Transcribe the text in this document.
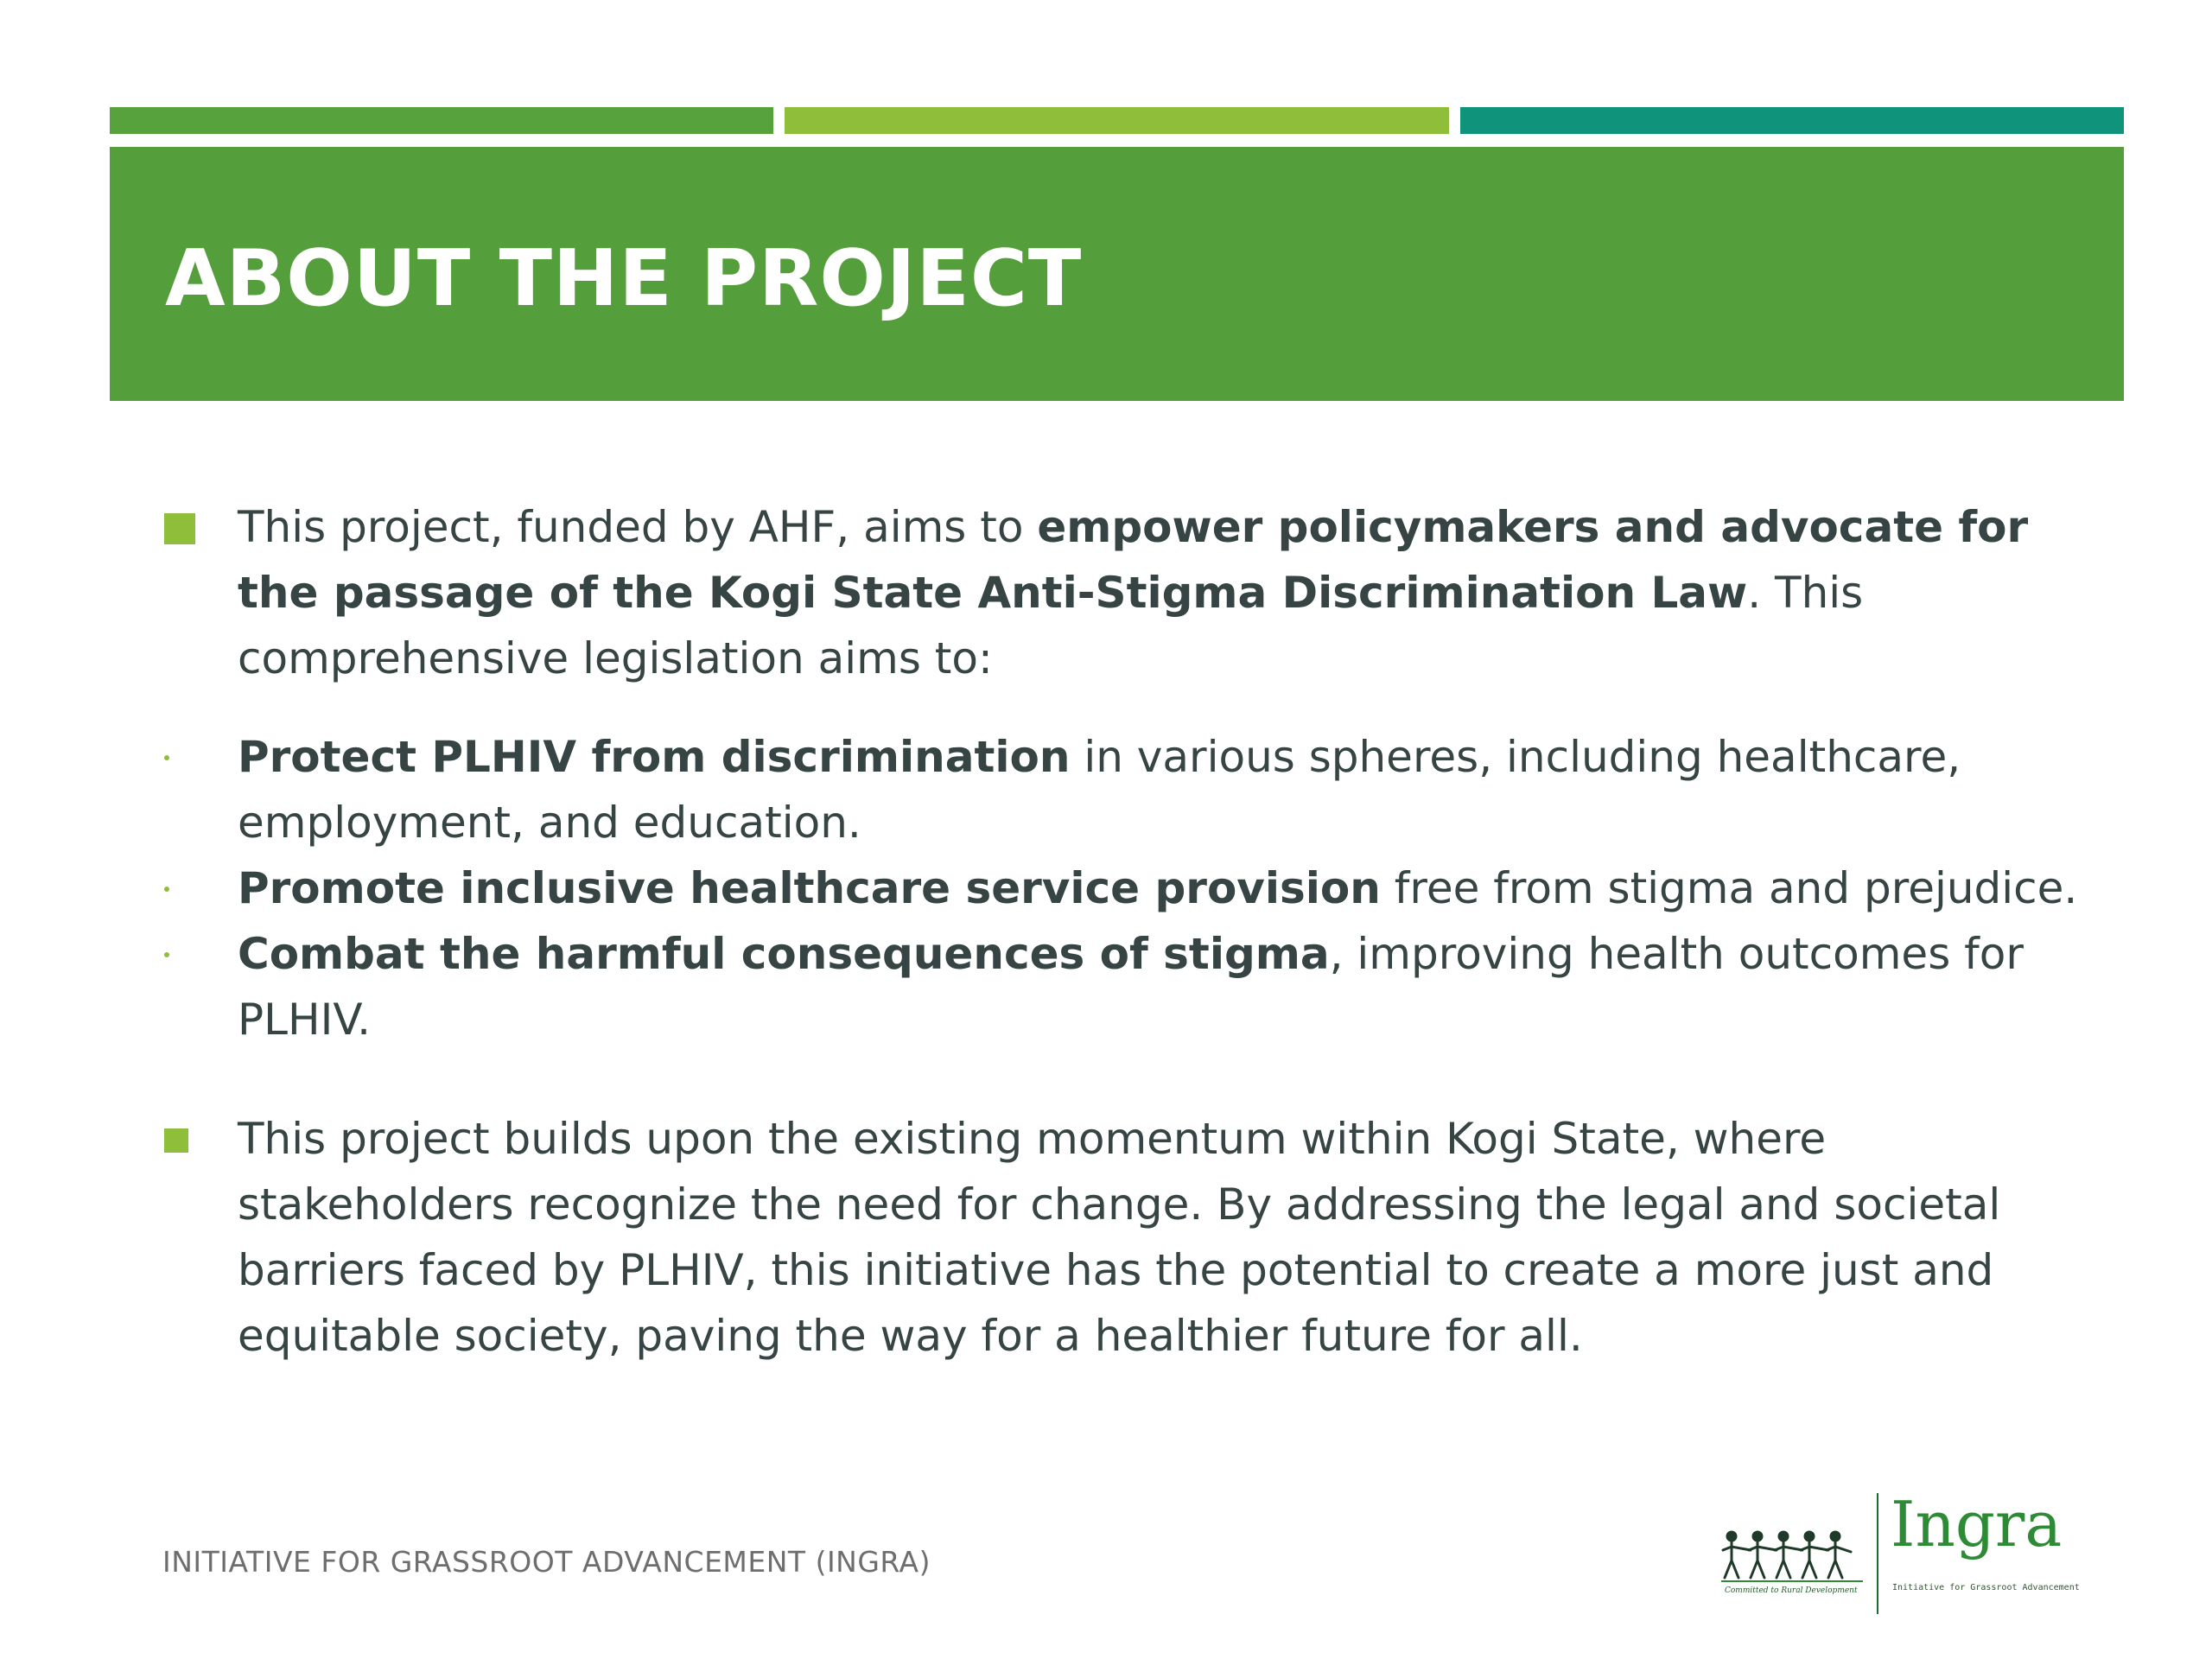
ABOUT THE PROJECT

This project, funded by AHF, aims to empower policymakers and advocate for the passage of the Kogi State Anti-Stigma Discrimination Law. This comprehensive legislation aims to:

Protect PLHIV from discrimination in various spheres, including healthcare, employment, and education.
Promote inclusive healthcare service provision free from stigma and prejudice.
Combat the harmful consequences of stigma, improving health outcomes for PLHIV.

This project builds upon the existing momentum within Kogi State, where stakeholders recognize the need for change. By addressing the legal and societal barriers faced by PLHIV, this initiative has the potential to create a more just and equitable society, paving the way for a healthier future for all.

INITIATIVE FOR GRASSROOT ADVANCEMENT (INGRA)
Committed to Rural Development
Ingra
Initiative for Grassroot Advancement
